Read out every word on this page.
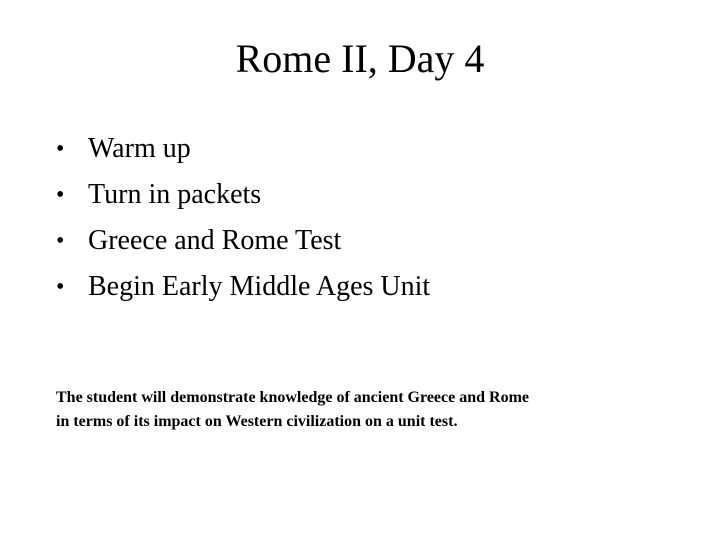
Rome II, Day 4
• Warm up
• Turn in packets
• Greece and Rome Test
• Begin Early Middle Ages Unit
The student will demonstrate knowledge of ancient Greece and Rome
in terms of its impact on Western civilization on a unit test.
